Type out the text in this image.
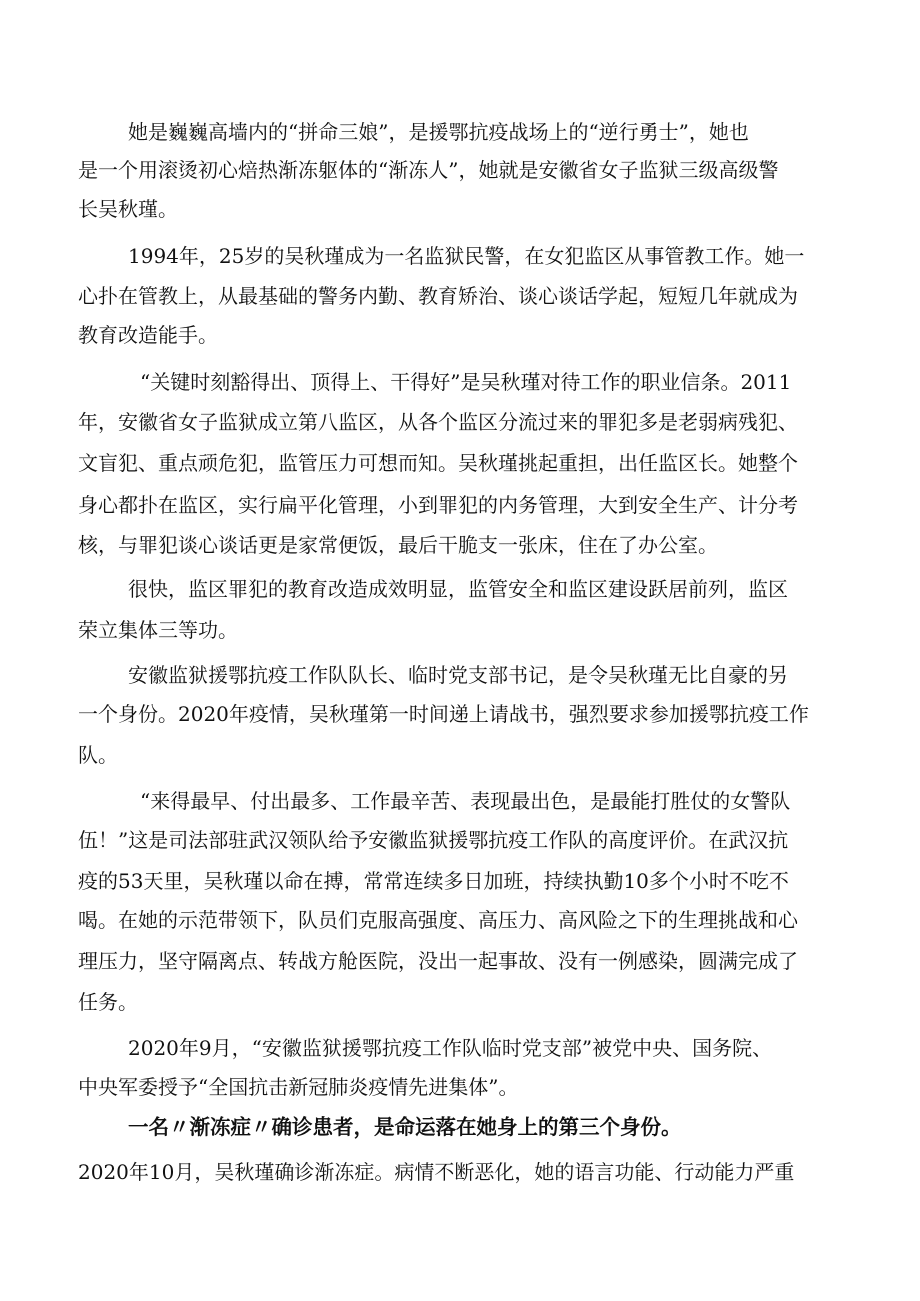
她是巍巍高墙内的“拼命三娘”，是援鄂抗疫战场上的“逆行勇士”，她也
是一个用滚烫初心焙热渐冻躯体的“渐冻人”，她就是安徽省女子监狱三级高级警
长吴秋瑾。
1994年，25岁的吴秋瑾成为一名监狱民警，在女犯监区从事管教工作。她一
心扑在管教上，从最基础的警务内勤、教育矫治、谈心谈话学起，短短几年就成为
教育改造能手。
“关键时刻豁得出、顶得上、干得好”是吴秋瑾对待工作的职业信条。2011
年，安徽省女子监狱成立第八监区，从各个监区分流过来的罪犯多是老弱病残犯、
文盲犯、重点顽危犯，监管压力可想而知。吴秋瑾挑起重担，出任监区长。她整个
身心都扑在监区，实行扁平化管理，小到罪犯的内务管理，大到安全生产、计分考
核，与罪犯谈心谈话更是家常便饭，最后干脆支一张床，住在了办公室。
很快，监区罪犯的教育改造成效明显，监管安全和监区建设跃居前列，监区
荣立集体三等功。
安徽监狱援鄂抗疫工作队队长、临时党支部书记，是令吴秋瑾无比自豪的另
一个身份。2020年疫情，吴秋瑾第一时间递上请战书，强烈要求参加援鄂抗疫工作
队。
“来得最早、付出最多、工作最辛苦、表现最出色，是最能打胜仗的女警队
伍！”这是司法部驻武汉领队给予安徽监狱援鄂抗疫工作队的高度评价。在武汉抗
疫的53天里，吴秋瑾以命在搏，常常连续多日加班，持续执勤10多个小时不吃不
喝。在她的示范带领下，队员们克服高强度、高压力、高风险之下的生理挑战和心
理压力，坚守隔离点、转战方舱医院，没出一起事故、没有一例感染，圆满完成了
任务。
2020年9月，“安徽监狱援鄂抗疫工作队临时党支部”被党中央、国务院、
中央军委授予“全国抗击新冠肺炎疫情先进集体”。
一名〃渐冻症〃确诊患者，是命运落在她身上的第三个身份。
2020年10月，吴秋瑾确诊渐冻症。病情不断恶化，她的语言功能、行动能力严重
